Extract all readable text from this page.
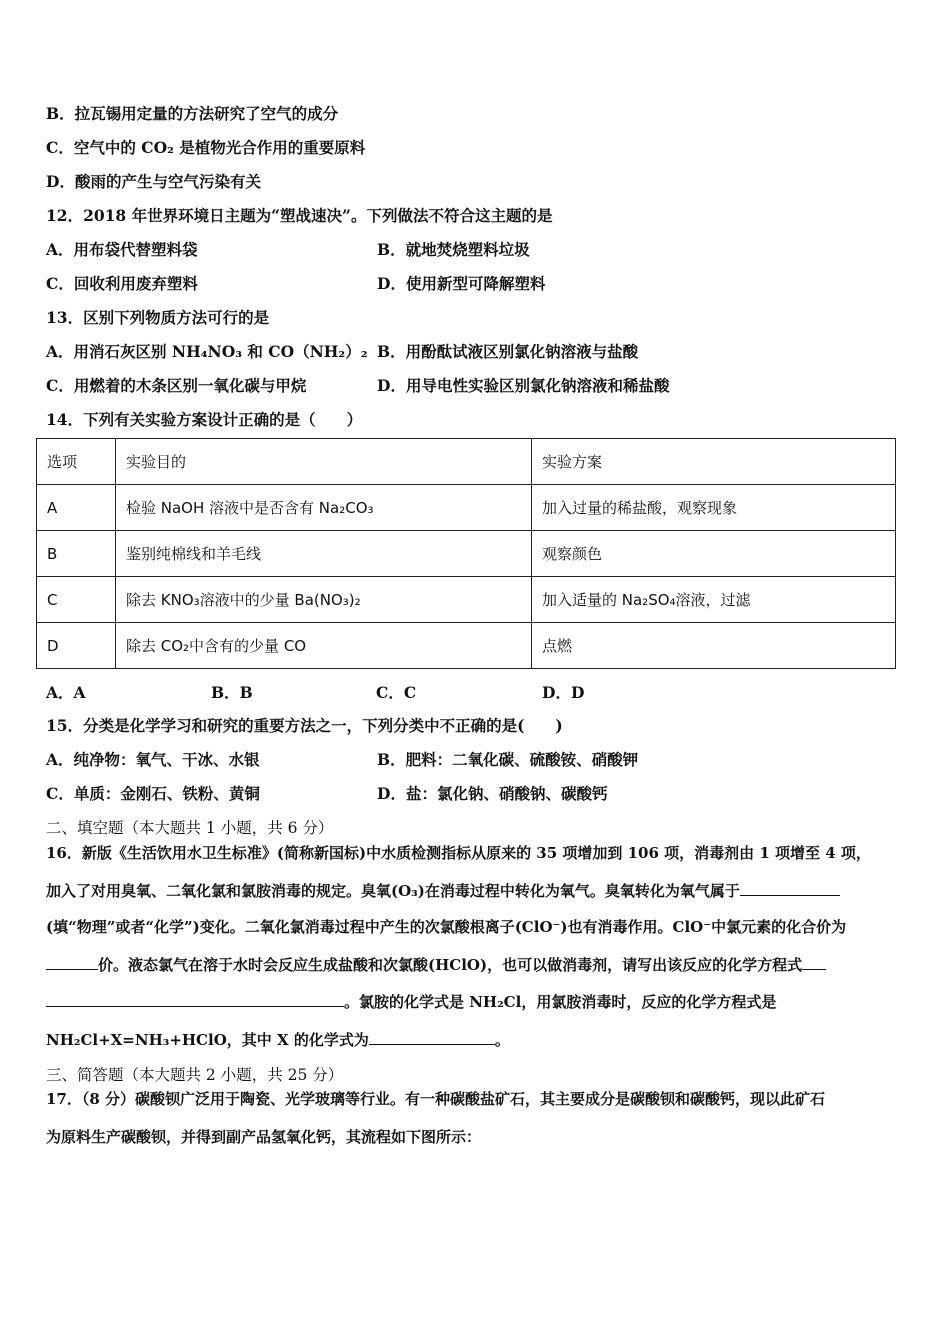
B．拉瓦锡用定量的方法研究了空气的成分
C．空气中的 CO₂ 是植物光合作用的重要原料
D．酸雨的产生与空气污染有关
12．2018 年世界环境日主题为“塑战速决”。下列做法不符合这主题的是
A．用布袋代替塑料袋	B．就地焚烧塑料垃圾
C．回收利用废弃塑料	D．使用新型可降解塑料
13．区别下列物质方法可行的是
A．用消石灰区别 NH₄NO₃ 和 CO（NH₂）₂ B．用酚酞试液区别氯化钠溶液与盐酸
C．用燃着的木条区别一氧化碳与甲烷	D．用导电性实验区别氯化钠溶液和稀盐酸
14．下列有关实验方案设计正确的是（　　）
选项	实验目的	实验方案
A	检验 NaOH 溶液中是否含有 Na₂CO₃	加入过量的稀盐酸，观察现象
B	鉴别纯棉线和羊毛线	观察颜色
C	除去 KNO₃溶液中的少量 Ba(NO₃)₂	加入适量的 Na₂SO₄溶液，过滤
D	除去 CO₂中含有的少量 CO	点燃
A．A	B．B	C．C	D．D
15．分类是化学学习和研究的重要方法之一，下列分类中不正确的是(　　)
A．纯净物：氧气、干冰、水银	B．肥料：二氧化碳、硫酸铵、硝酸钾
C．单质：金刚石、铁粉、黄铜	D．盐：氯化钠、硝酸钠、碳酸钙
二、填空题（本大题共 1 小题，共 6 分）
16．新版《生活饮用水卫生标准》(简称新国标)中水质检测指标从原来的 35 项增加到 106 项，消毒剂由 1 项增至 4 项，
加入了对用臭氧、二氧化氯和氯胺消毒的规定。臭氧(O₃)在消毒过程中转化为氧气。臭氧转化为氧气属于
(填“物理”或者“化学”)变化。二氧化氯消毒过程中产生的次氯酸根离子(ClO⁻)也有消毒作用。ClO⁻中氯元素的化合价为
价。液态氯气在溶于水时会反应生成盐酸和次氯酸(HClO)，也可以做消毒剂，请写出该反应的化学方程式
。氯胺的化学式是 NH₂Cl，用氯胺消毒时，反应的化学方程式是
NH₂Cl+X=NH₃+HClO，其中 X 的化学式为	。
三、简答题（本大题共 2 小题，共 25 分）
17．（8 分）碳酸钡广泛用于陶瓷、光学玻璃等行业。有一种碳酸盐矿石，其主要成分是碳酸钡和碳酸钙，现以此矿石
为原料生产碳酸钡，并得到副产品氢氧化钙，其流程如下图所示：
